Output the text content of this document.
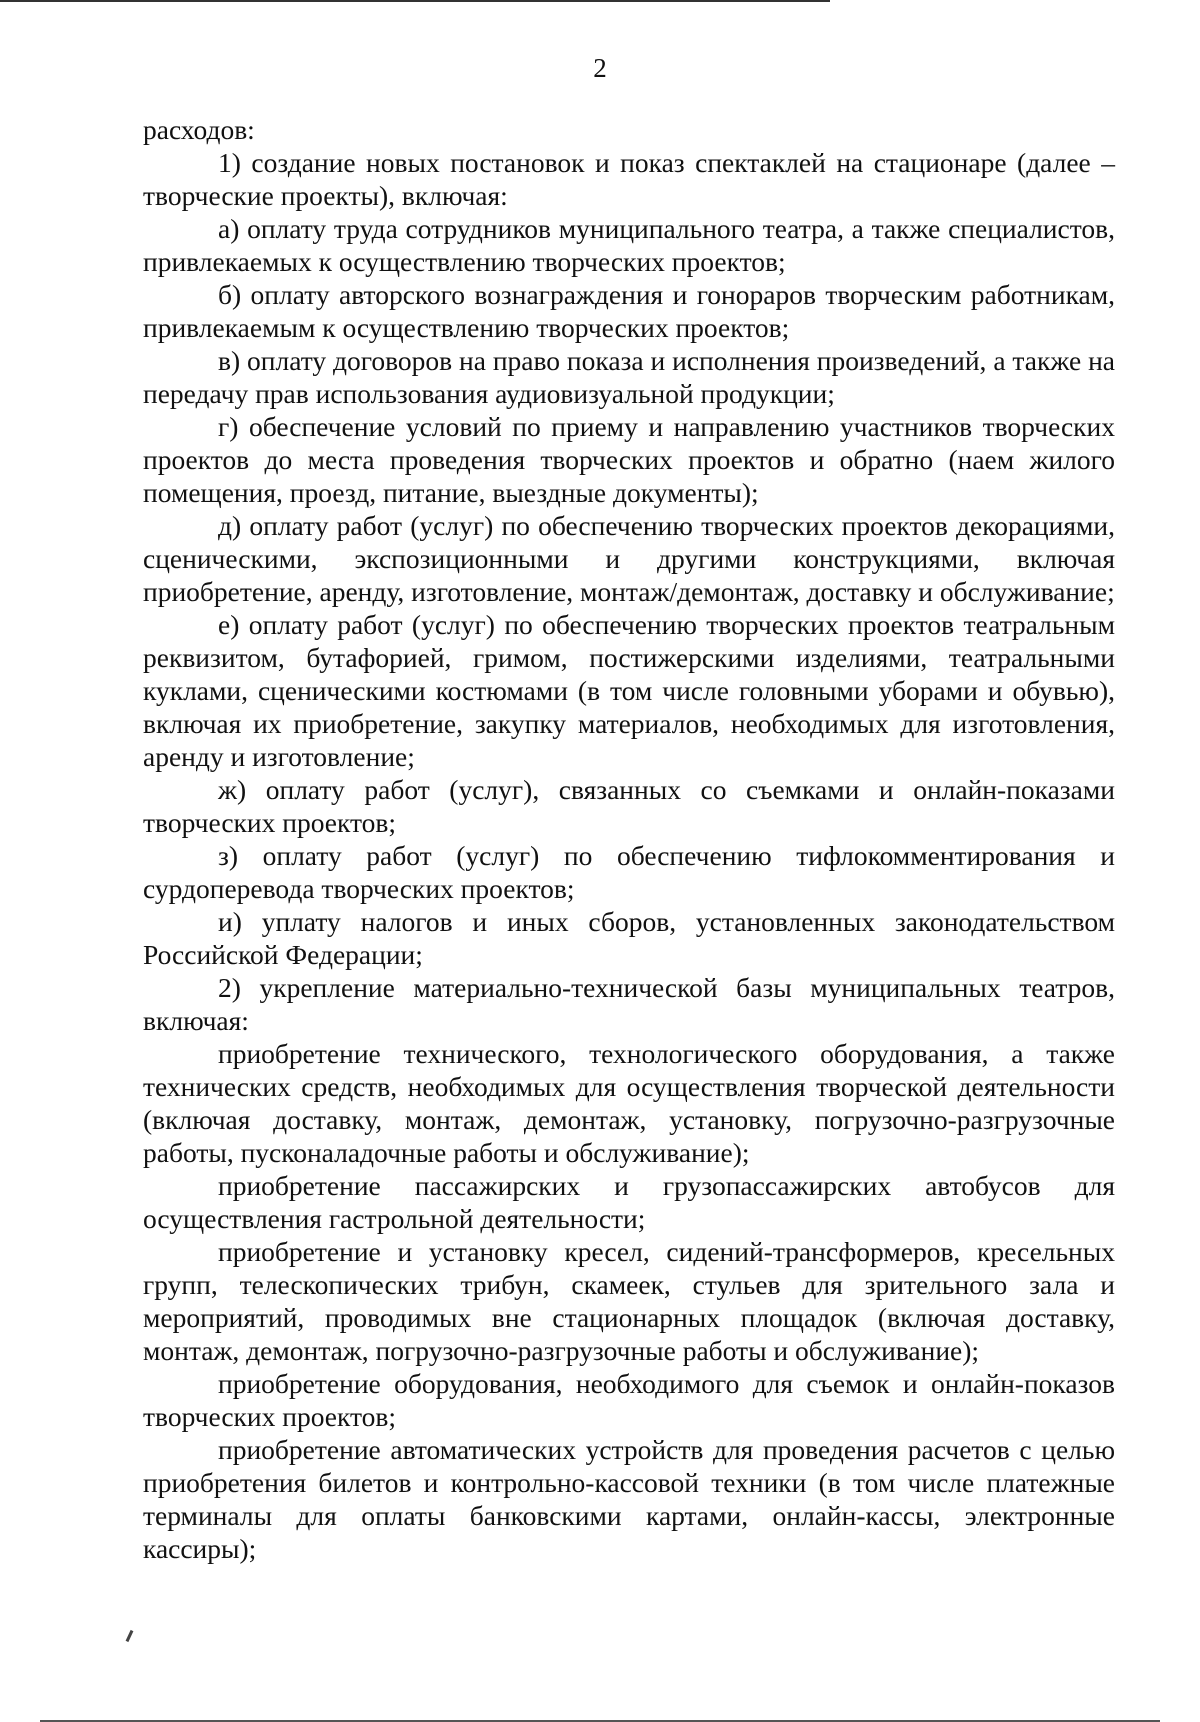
2

расходов:

1) создание новых постановок и показ спектаклей на стационаре (далее – творческие проекты), включая:

а) оплату труда сотрудников муниципального театра, а также специалистов, привлекаемых к осуществлению творческих проектов;

б) оплату авторского вознаграждения и гонораров творческим работникам, привлекаемым к осуществлению творческих проектов;

в) оплату договоров на право показа и исполнения произведений, а также на передачу прав использования аудиовизуальной продукции;

г) обеспечение условий по приему и направлению участников творческих проектов до места проведения творческих проектов и обратно (наем жилого помещения, проезд, питание, выездные документы);

д) оплату работ (услуг) по обеспечению творческих проектов декорациями, сценическими, экспозиционными и другими конструкциями, включая приобретение, аренду, изготовление, монтаж/демонтаж, доставку и обслуживание;

е) оплату работ (услуг) по обеспечению творческих проектов театральным реквизитом, бутафорией, гримом, постижерскими изделиями, театральными куклами, сценическими костюмами (в том числе головными уборами и обувью), включая их приобретение, закупку материалов, необходимых для изготовления, аренду и изготовление;

ж) оплату работ (услуг), связанных со съемками и онлайн-показами творческих проектов;

з) оплату работ (услуг) по обеспечению тифлокомментирования и сурдоперевода творческих проектов;

и) уплату налогов и иных сборов, установленных законодательством Российской Федерации;

2) укрепление материально-технической базы муниципальных театров, включая:

приобретение технического, технологического оборудования, а также технических средств, необходимых для осуществления творческой деятельности (включая доставку, монтаж, демонтаж, установку, погрузочно-разгрузочные работы, пусконаладочные работы и обслуживание);

приобретение пассажирских и грузопассажирских автобусов для осуществления гастрольной деятельности;

приобретение и установку кресел, сидений-трансформеров, кресельных групп, телескопических трибун, скамеек, стульев для зрительного зала и мероприятий, проводимых вне стационарных площадок (включая доставку, монтаж, демонтаж, погрузочно-разгрузочные работы и обслуживание);

приобретение оборудования, необходимого для съемок и онлайн-показов творческих проектов;

приобретение автоматических устройств для проведения расчетов с целью приобретения билетов и контрольно-кассовой техники (в том числе платежные терминалы для оплаты банковскими картами, онлайн-кассы, электронные кассиры);
